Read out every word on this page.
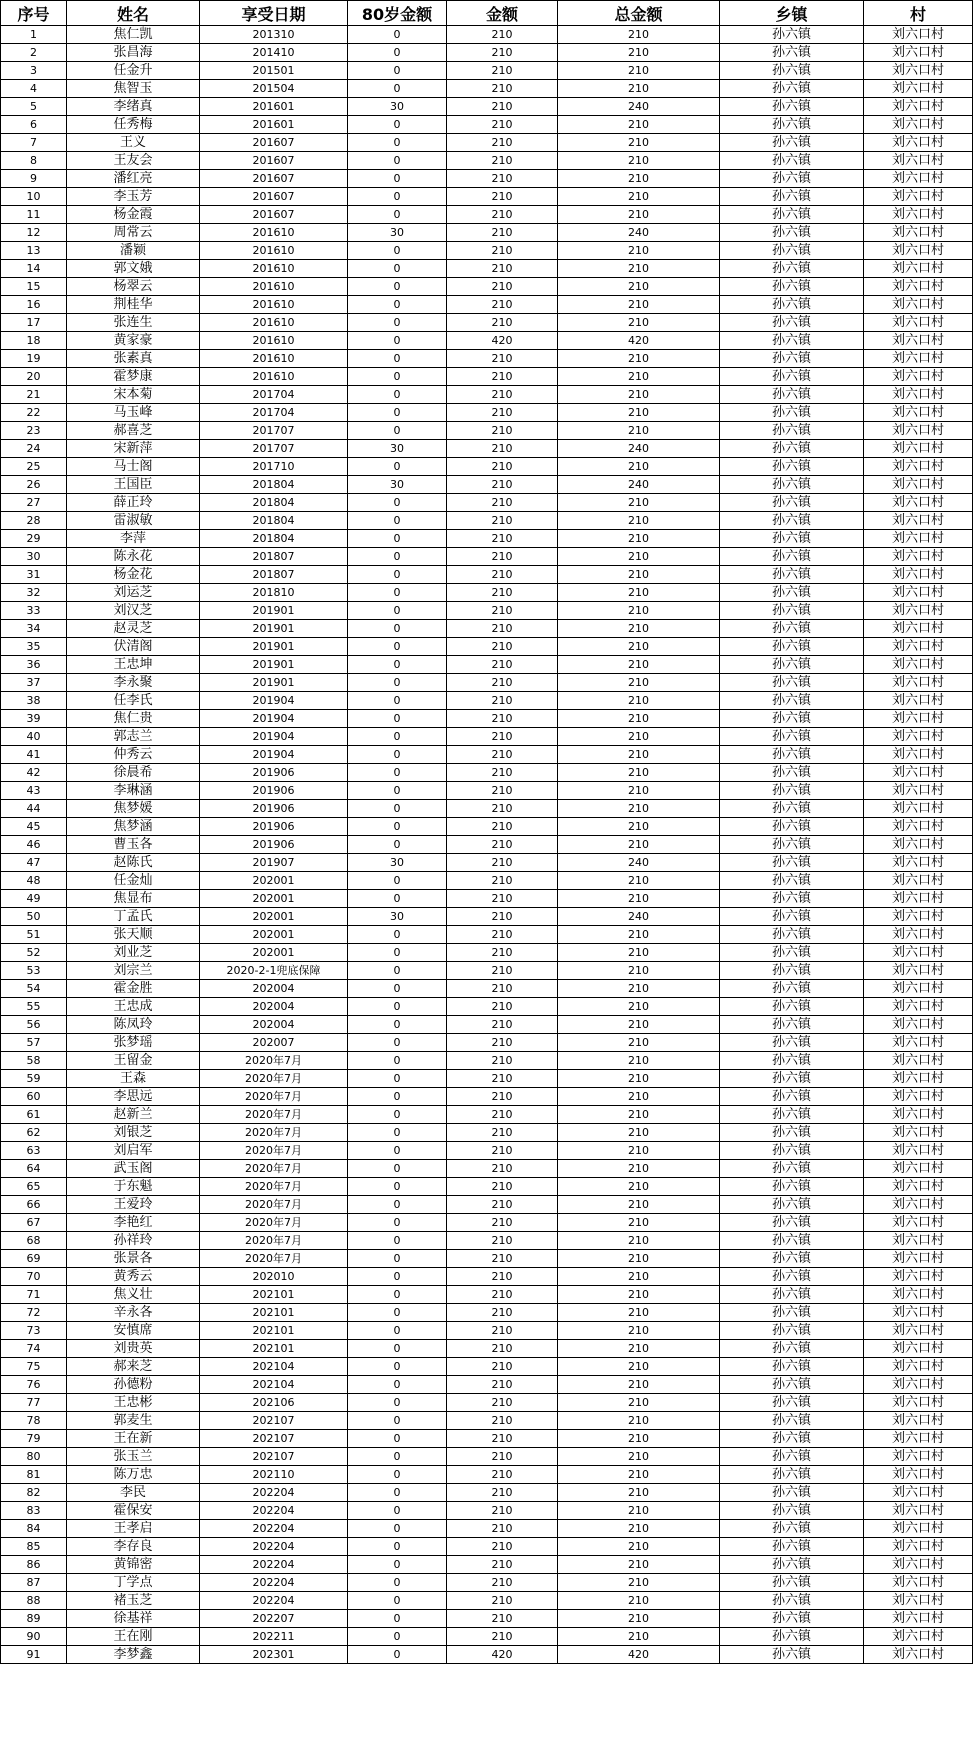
序号	姓名	享受日期	80岁金额	金额	总金额	乡镇	村
1	焦仁凯	201310	0	210	210	孙六镇	刘六口村
2	张昌海	201410	0	210	210	孙六镇	刘六口村
3	任金升	201501	0	210	210	孙六镇	刘六口村
4	焦智玉	201504	0	210	210	孙六镇	刘六口村
5	李绪真	201601	30	210	240	孙六镇	刘六口村
6	任秀梅	201601	0	210	210	孙六镇	刘六口村
7	王义	201607	0	210	210	孙六镇	刘六口村
8	王友会	201607	0	210	210	孙六镇	刘六口村
9	潘红亮	201607	0	210	210	孙六镇	刘六口村
10	李玉芳	201607	0	210	210	孙六镇	刘六口村
11	杨金霞	201607	0	210	210	孙六镇	刘六口村
12	周常云	201610	30	210	240	孙六镇	刘六口村
13	潘颖	201610	0	210	210	孙六镇	刘六口村
14	郭文娥	201610	0	210	210	孙六镇	刘六口村
15	杨翠云	201610	0	210	210	孙六镇	刘六口村
16	荆桂华	201610	0	210	210	孙六镇	刘六口村
17	张连生	201610	0	210	210	孙六镇	刘六口村
18	黄家豪	201610	0	420	420	孙六镇	刘六口村
19	张素真	201610	0	210	210	孙六镇	刘六口村
20	霍梦康	201610	0	210	210	孙六镇	刘六口村
21	宋本菊	201704	0	210	210	孙六镇	刘六口村
22	马玉峰	201704	0	210	210	孙六镇	刘六口村
23	郝喜芝	201707	0	210	210	孙六镇	刘六口村
24	宋新萍	201707	30	210	240	孙六镇	刘六口村
25	马士阁	201710	0	210	210	孙六镇	刘六口村
26	王国臣	201804	30	210	240	孙六镇	刘六口村
27	薛正玲	201804	0	210	210	孙六镇	刘六口村
28	雷淑敏	201804	0	210	210	孙六镇	刘六口村
29	李萍	201804	0	210	210	孙六镇	刘六口村
30	陈永花	201807	0	210	210	孙六镇	刘六口村
31	杨金花	201807	0	210	210	孙六镇	刘六口村
32	刘运芝	201810	0	210	210	孙六镇	刘六口村
33	刘汉芝	201901	0	210	210	孙六镇	刘六口村
34	赵灵芝	201901	0	210	210	孙六镇	刘六口村
35	伏清阁	201901	0	210	210	孙六镇	刘六口村
36	王忠坤	201901	0	210	210	孙六镇	刘六口村
37	李永聚	201901	0	210	210	孙六镇	刘六口村
38	任李氏	201904	0	210	210	孙六镇	刘六口村
39	焦仁贵	201904	0	210	210	孙六镇	刘六口村
40	郭志兰	201904	0	210	210	孙六镇	刘六口村
41	仲秀云	201904	0	210	210	孙六镇	刘六口村
42	徐晨希	201906	0	210	210	孙六镇	刘六口村
43	李琳涵	201906	0	210	210	孙六镇	刘六口村
44	焦梦媛	201906	0	210	210	孙六镇	刘六口村
45	焦梦涵	201906	0	210	210	孙六镇	刘六口村
46	曹玉各	201906	0	210	210	孙六镇	刘六口村
47	赵陈氏	201907	30	210	240	孙六镇	刘六口村
48	任金灿	202001	0	210	210	孙六镇	刘六口村
49	焦显布	202001	0	210	210	孙六镇	刘六口村
50	丁孟氏	202001	30	210	240	孙六镇	刘六口村
51	张天顺	202001	0	210	210	孙六镇	刘六口村
52	刘业芝	202001	0	210	210	孙六镇	刘六口村
53	刘宗兰	2020-2-1兜底保障	0	210	210	孙六镇	刘六口村
54	霍金胜	202004	0	210	210	孙六镇	刘六口村
55	王忠成	202004	0	210	210	孙六镇	刘六口村
56	陈凤玲	202004	0	210	210	孙六镇	刘六口村
57	张梦瑶	202007	0	210	210	孙六镇	刘六口村
58	王留金	2020年7月	0	210	210	孙六镇	刘六口村
59	王森	2020年7月	0	210	210	孙六镇	刘六口村
60	李思远	2020年7月	0	210	210	孙六镇	刘六口村
61	赵新兰	2020年7月	0	210	210	孙六镇	刘六口村
62	刘银芝	2020年7月	0	210	210	孙六镇	刘六口村
63	刘启军	2020年7月	0	210	210	孙六镇	刘六口村
64	武玉阁	2020年7月	0	210	210	孙六镇	刘六口村
65	于东魁	2020年7月	0	210	210	孙六镇	刘六口村
66	王爱玲	2020年7月	0	210	210	孙六镇	刘六口村
67	李艳红	2020年7月	0	210	210	孙六镇	刘六口村
68	孙祥玲	2020年7月	0	210	210	孙六镇	刘六口村
69	张景各	2020年7月	0	210	210	孙六镇	刘六口村
70	黄秀云	202010	0	210	210	孙六镇	刘六口村
71	焦义壮	202101	0	210	210	孙六镇	刘六口村
72	辛永各	202101	0	210	210	孙六镇	刘六口村
73	安慎席	202101	0	210	210	孙六镇	刘六口村
74	刘贵英	202101	0	210	210	孙六镇	刘六口村
75	郝来芝	202104	0	210	210	孙六镇	刘六口村
76	孙德粉	202104	0	210	210	孙六镇	刘六口村
77	王忠彬	202106	0	210	210	孙六镇	刘六口村
78	郭麦生	202107	0	210	210	孙六镇	刘六口村
79	王在新	202107	0	210	210	孙六镇	刘六口村
80	张玉兰	202107	0	210	210	孙六镇	刘六口村
81	陈万忠	202110	0	210	210	孙六镇	刘六口村
82	李民	202204	0	210	210	孙六镇	刘六口村
83	霍保安	202204	0	210	210	孙六镇	刘六口村
84	王孝启	202204	0	210	210	孙六镇	刘六口村
85	李存良	202204	0	210	210	孙六镇	刘六口村
86	黄锦密	202204	0	210	210	孙六镇	刘六口村
87	丁学点	202204	0	210	210	孙六镇	刘六口村
88	褚玉芝	202204	0	210	210	孙六镇	刘六口村
89	徐基祥	202207	0	210	210	孙六镇	刘六口村
90	王在刚	202211	0	210	210	孙六镇	刘六口村
91	李梦鑫	202301	0	420	420	孙六镇	刘六口村
